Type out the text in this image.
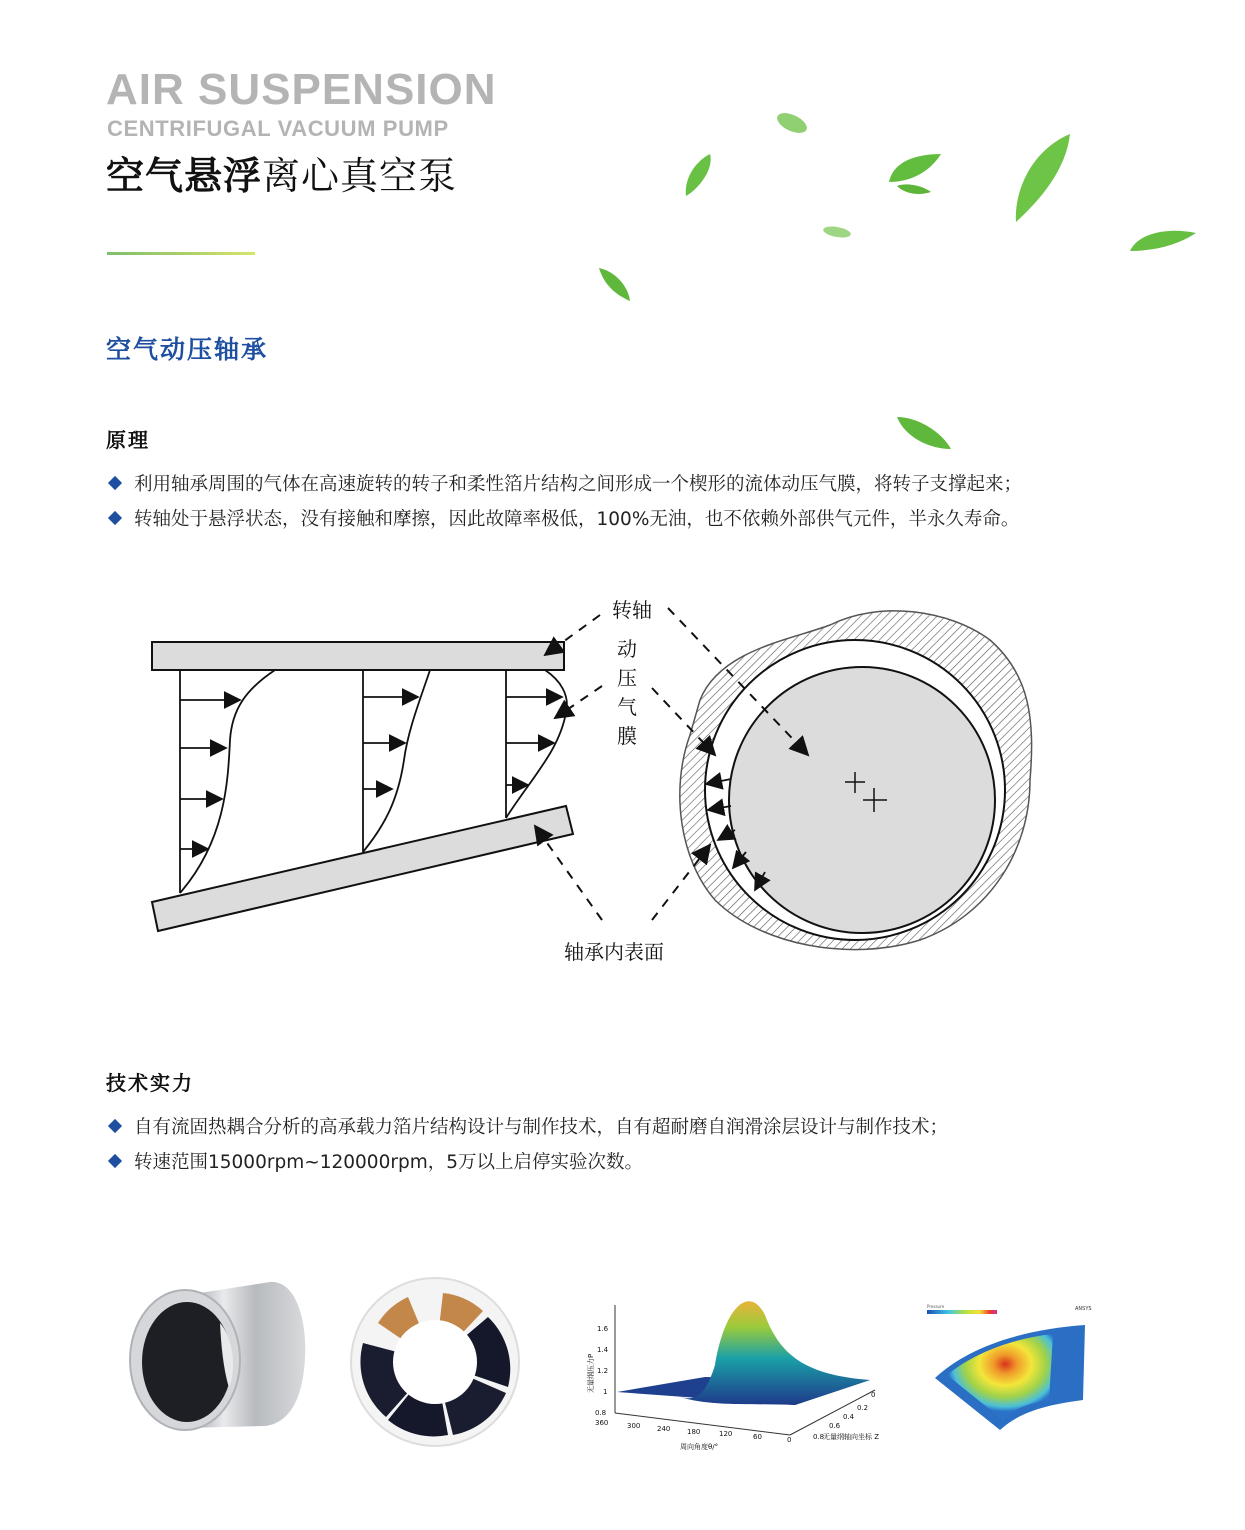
AIR SUSPENSION
CENTRIFUGAL VACUUM PUMP
空气悬浮离心真空泵
空气动压轴承
原理
利用轴承周围的气体在高速旋转的转子和柔性箔片结构之间形成一个楔形的流体动压气膜，将转子支撑起来；
转轴处于悬浮状态，没有接触和摩擦，因此故障率极低，100%无油，也不依赖外部供气元件，半永久寿命。
转轴
动
压
气
膜
轴承内表面
技术实力
自有流固热耦合分析的高承载力箔片结构设计与制作技术，自有超耐磨自润滑涂层设计与制作技术；
转速范围15000rpm~120000rpm，5万以上启停实验次数。
0.8
1
1.2
1.4
1.6
360	300 240 180	120	60	0
0
0.2
0.4
0.6
0.8
无量纲轴向坐标 Z
周向角度θ/°
无量纲压力P
Pressure	ANSYS
